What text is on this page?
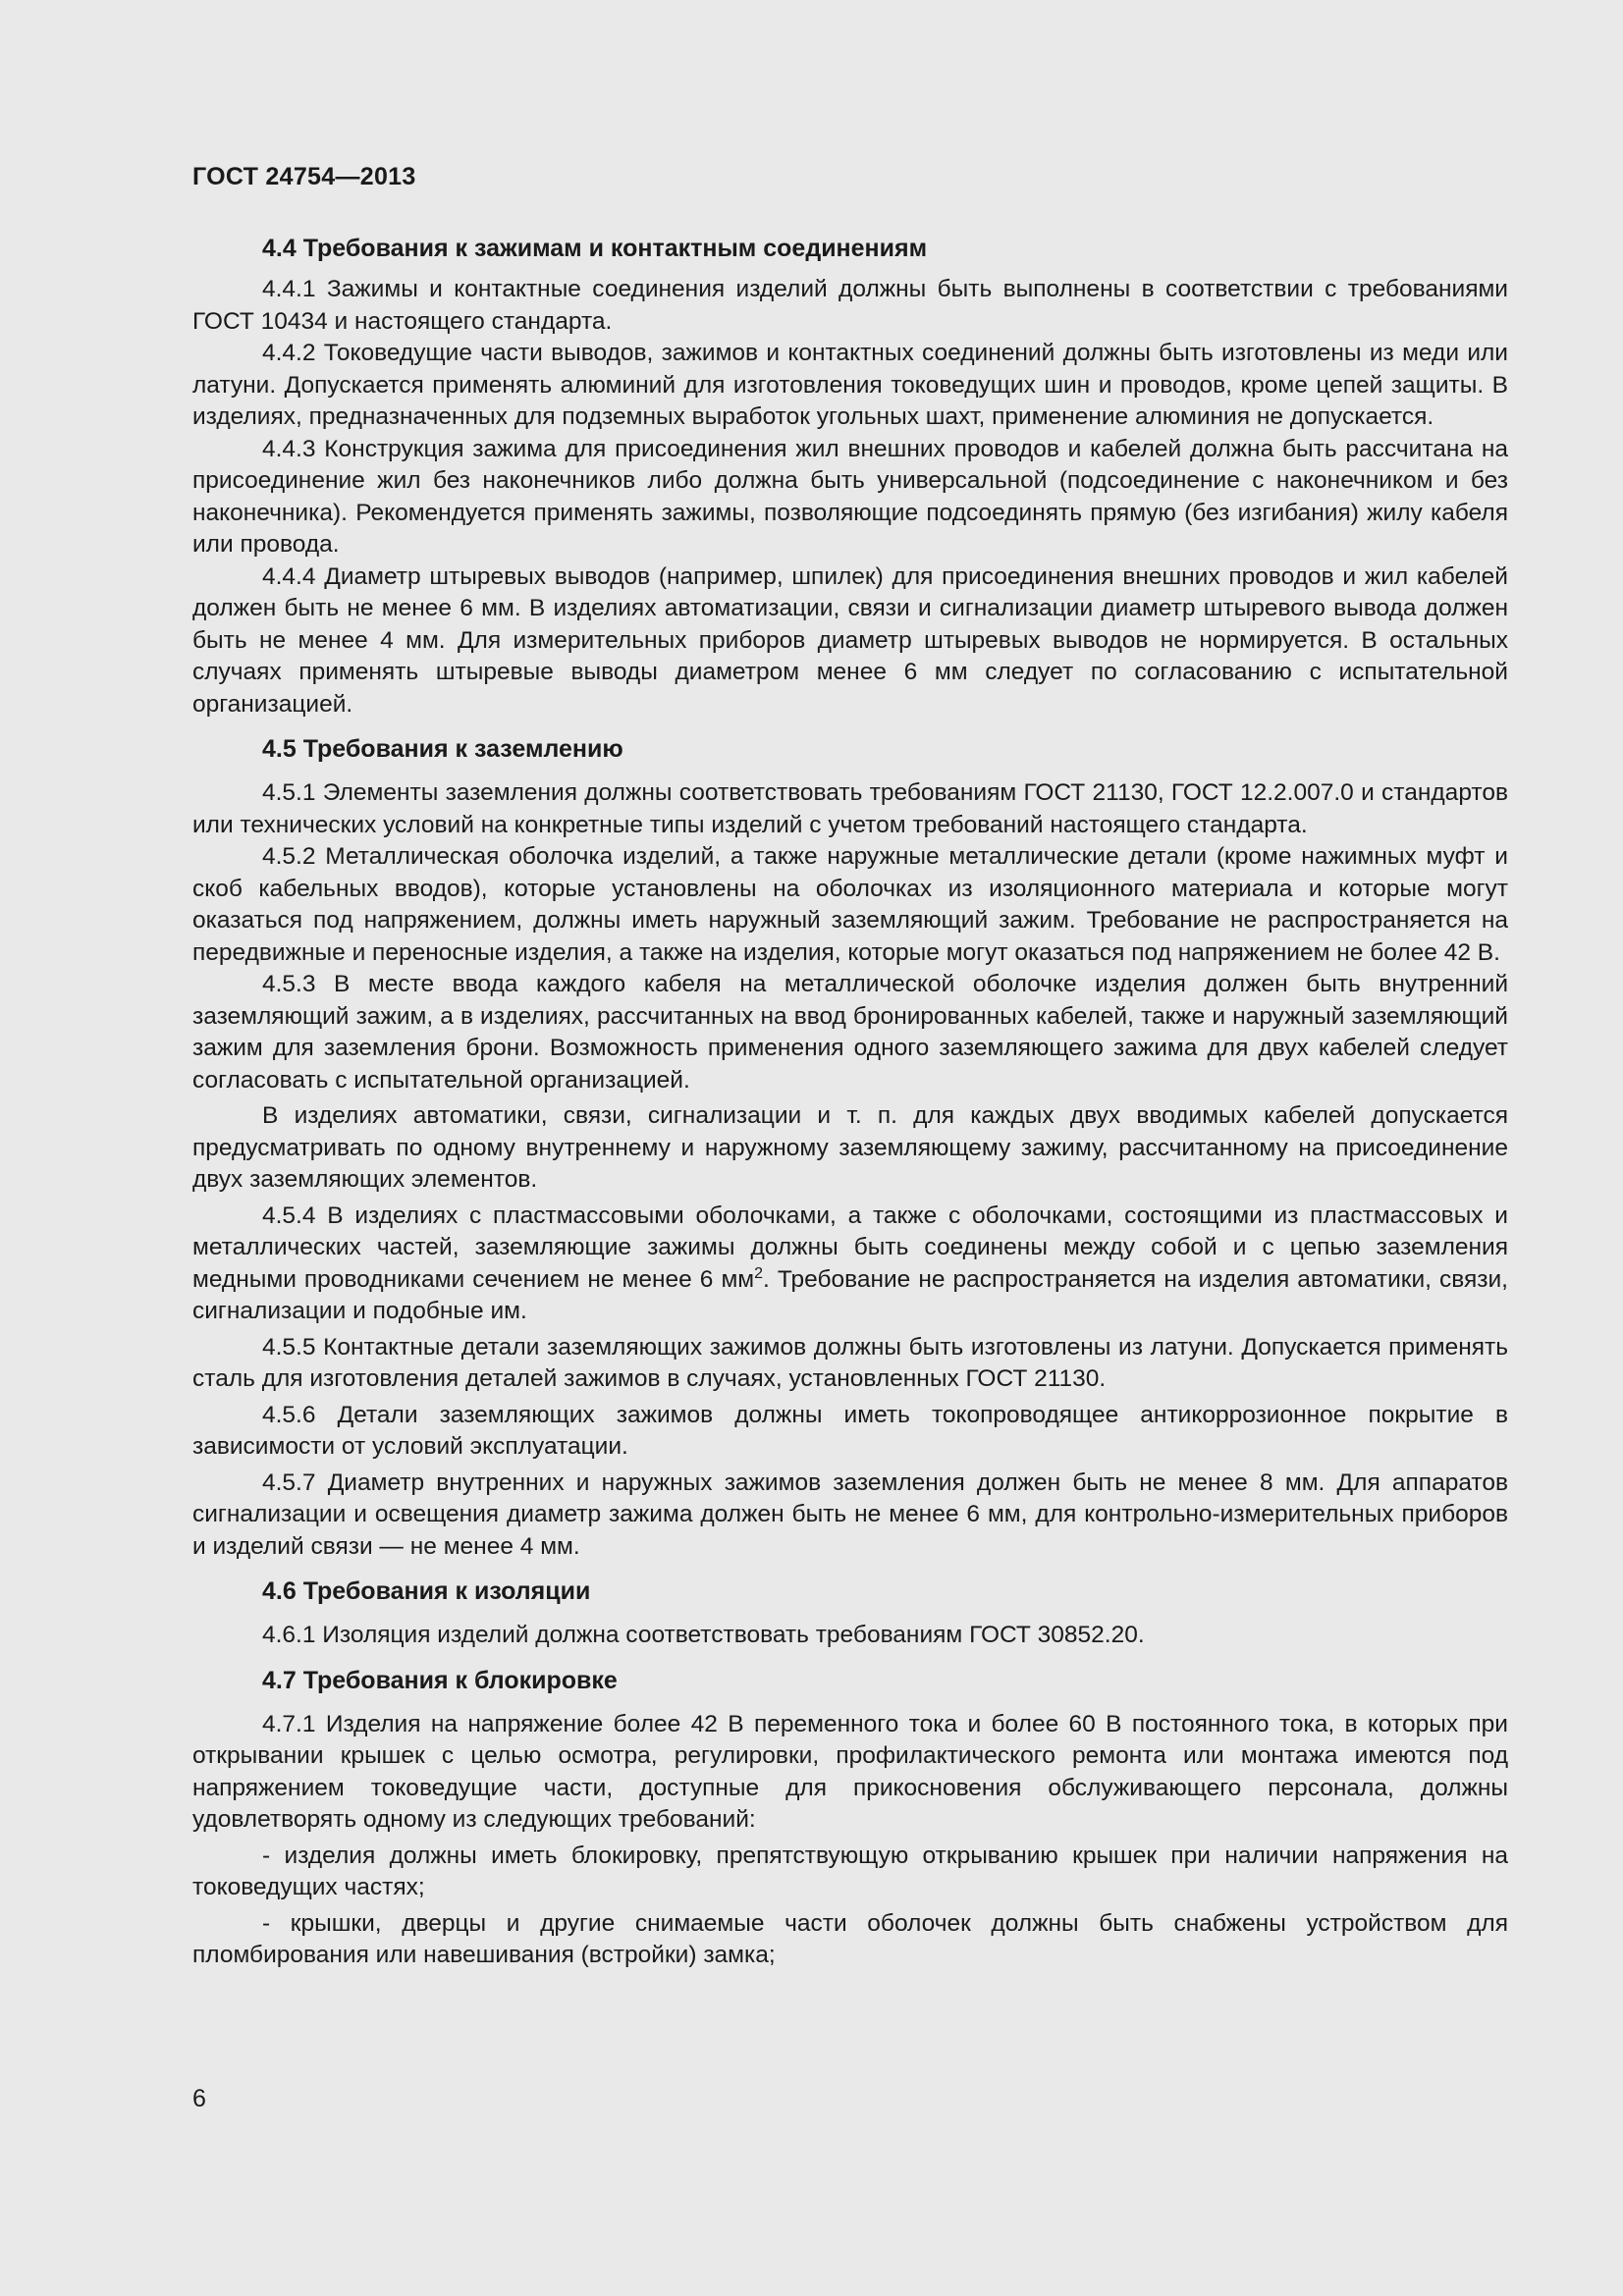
ГОСТ 24754—2013
4.4 Требования к зажимам и контактным соединениям

4.4.1 Зажимы и контактные соединения изделий должны быть выполнены в соответствии с требованиями ГОСТ 10434 и настоящего стандарта.

4.4.2 Токоведущие части выводов, зажимов и контактных соединений должны быть изготовлены из меди или латуни. Допускается применять алюминий для изготовления токоведущих шин и проводов, кроме цепей защиты. В изделиях, предназначенных для подземных выработок угольных шахт, применение алюминия не допускается.

4.4.3 Конструкция зажима для присоединения жил внешних проводов и кабелей должна быть рассчитана на присоединение жил без наконечников либо должна быть универсальной (подсоединение с наконечником и без наконечника). Рекомендуется применять зажимы, позволяющие подсоединять прямую (без изгибания) жилу кабеля или провода.

4.4.4 Диаметр штыревых выводов (например, шпилек) для присоединения внешних проводов и жил кабелей должен быть не менее 6 мм. В изделиях автоматизации, связи и сигнализации диаметр штыревого вывода должен быть не менее 4 мм. Для измерительных приборов диаметр штыревых выводов не нормируется. В остальных случаях применять штыревые выводы диаметром менее 6 мм следует по согласованию с испытательной организацией.

4.5 Требования к заземлению

4.5.1 Элементы заземления должны соответствовать требованиям ГОСТ 21130, ГОСТ 12.2.007.0 и стандартов или технических условий на конкретные типы изделий с учетом требований настоящего стандарта.

4.5.2 Металлическая оболочка изделий, а также наружные металлические детали (кроме нажимных муфт и скоб кабельных вводов), которые установлены на оболочках из изоляционного материала и которые могут оказаться под напряжением, должны иметь наружный заземляющий зажим. Требование не распространяется на передвижные и переносные изделия, а также на изделия, которые могут оказаться под напряжением не более 42 В.

4.5.3 В месте ввода каждого кабеля на металлической оболочке изделия должен быть внутренний заземляющий зажим, а в изделиях, рассчитанных на ввод бронированных кабелей, также и наружный заземляющий зажим для заземления брони. Возможность применения одного заземляющего зажима для двух кабелей следует согласовать с испытательной организацией.

В изделиях автоматики, связи, сигнализации и т. п. для каждых двух вводимых кабелей допускается предусматривать по одному внутреннему и наружному заземляющему зажиму, рассчитанному на присоединение двух заземляющих элементов.

4.5.4 В изделиях с пластмассовыми оболочками, а также с оболочками, состоящими из пластмассовых и металлических частей, заземляющие зажимы должны быть соединены между собой и с цепью заземления медными проводниками сечением не менее 6 $мм^2$. Требование не распространяется на изделия автоматики, связи, сигнализации и подобные им.

4.5.5 Контактные детали заземляющих зажимов должны быть изготовлены из латуни. Допускается применять сталь для изготовления деталей зажимов в случаях, установленных ГОСТ 21130.

4.5.6 Детали заземляющих зажимов должны иметь токопроводящее антикоррозионное покрытие в зависимости от условий эксплуатации.

4.5.7 Диаметр внутренних и наружных зажимов заземления должен быть не менее 8 мм. Для аппаратов сигнализации и освещения диаметр зажима должен быть не менее 6 мм, для контрольно-измерительных приборов и изделий связи — не менее 4 мм.

4.6 Требования к изоляции

4.6.1 Изоляция изделий должна соответствовать требованиям ГОСТ 30852.20.

4.7 Требования к блокировке

4.7.1 Изделия на напряжение более 42 В переменного тока и более 60 В постоянного тока, в которых при открывании крышек с целью осмотра, регулировки, профилактического ремонта или монтажа имеются под напряжением токоведущие части, доступные для прикосновения обслуживающего персонала, должны удовлетворять одному из следующих требований:

- изделия должны иметь блокировку, препятствующую открыванию крышек при наличии напряжения на токоведущих частях;

- крышки, дверцы и другие снимаемые части оболочек должны быть снабжены устройством для пломбирования или навешивания (встройки) замка;

6
